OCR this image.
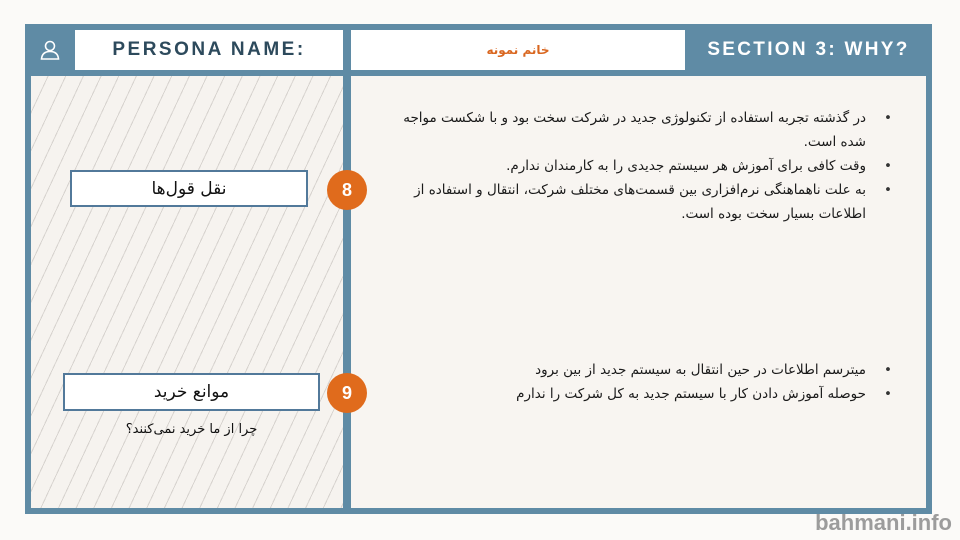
PERSONA NAME:	خانم نمونه	SECTION 3: WHY?
نقل قول‌ها
موانع خرید
چرا از ما خرید نمی‌کنند؟
• در گذشته تجربه استفاده از تکنولوژی جدید در شرکت سخت بود و با شکست مواجه شده است.
• وقت کافی برای آموزش هر سیستم جدیدی را به کارمندان ندارم.
• به علت ناهماهنگی نرم‌افزاری بین قسمت‌های مختلف شرکت، انتقال و استفاده از اطلاعات بسیار سخت بوده است.
• میترسم اطلاعات در حین انتقال به سیستم جدید از بین برود
• حوصله آموزش دادن کار با سیستم جدید به کل شرکت را ندارم
8
9
bahmani.info
